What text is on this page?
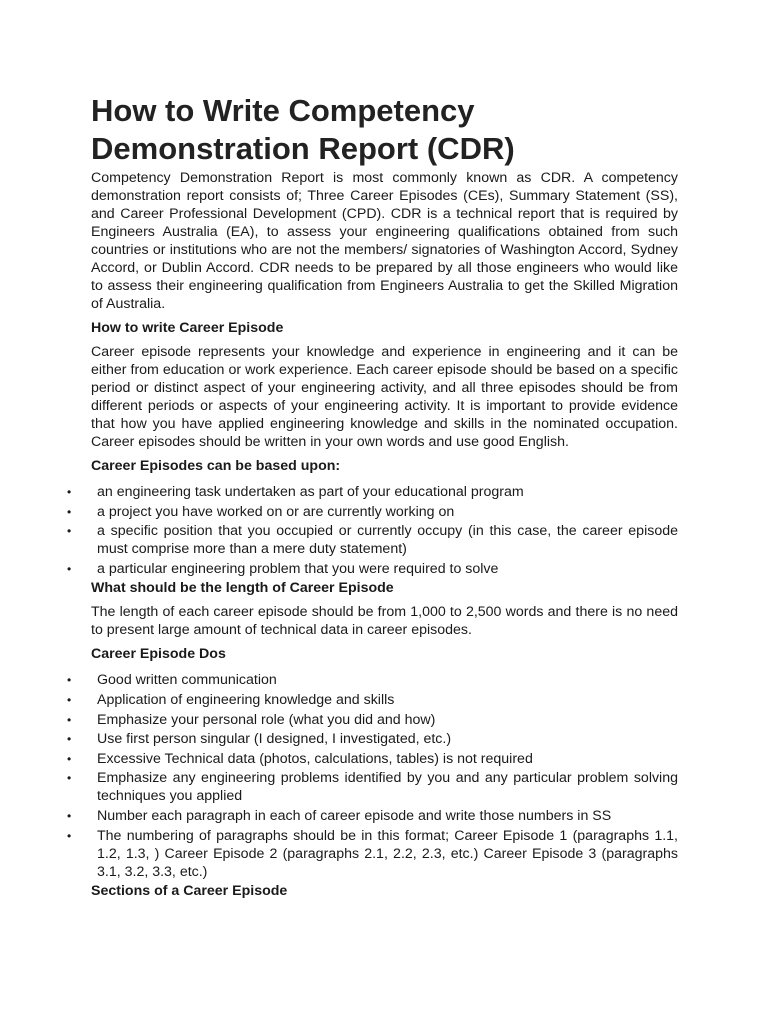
How to Write Competency Demonstration Report (CDR)

Competency Demonstration Report is most commonly known as CDR. A competency demonstration report consists of; Three Career Episodes (CEs), Summary Statement (SS), and Career Professional Development (CPD). CDR is a technical report that is required by Engineers Australia (EA), to assess your engineering qualifications obtained from such countries or institutions who are not the members/ signatories of Washington Accord, Sydney Accord, or Dublin Accord. CDR needs to be prepared by all those engineers who would like to assess their engineering qualification from Engineers Australia to get the Skilled Migration of Australia.

How to write Career Episode

Career episode represents your knowledge and experience in engineering and it can be either from education or work experience. Each career episode should be based on a specific period or distinct aspect of your engineering activity, and all three episodes should be from different periods or aspects of your engineering activity. It is important to provide evidence that how you have applied engineering knowledge and skills in the nominated occupation. Career episodes should be written in your own words and use good English.

Career Episodes can be based upon:
•	an engineering task undertaken as part of your educational program
•	a project you have worked on or are currently working on
•	a specific position that you occupied or currently occupy (in this case, the career episode must comprise more than a mere duty statement)
•	a particular engineering problem that you were required to solve
What should be the length of Career Episode

The length of each career episode should be from 1,000 to 2,500 words and there is no need to present large amount of technical data in career episodes.

Career Episode Dos
•	Good written communication
•	Application of engineering knowledge and skills
•	Emphasize your personal role (what you did and how)
•	Use first person singular (I designed, I investigated, etc.)
•	Excessive Technical data (photos, calculations, tables) is not required
•	Emphasize any engineering problems identified by you and any particular problem solving techniques you applied
•	Number each paragraph in each of career episode and write those numbers in SS
•	The numbering of paragraphs should be in this format; Career Episode 1 (paragraphs 1.1, 1.2, 1.3, ) Career Episode 2 (paragraphs 2.1, 2.2, 2.3, etc.) Career Episode 3 (paragraphs 3.1, 3.2, 3.3, etc.)
Sections of a Career Episode
